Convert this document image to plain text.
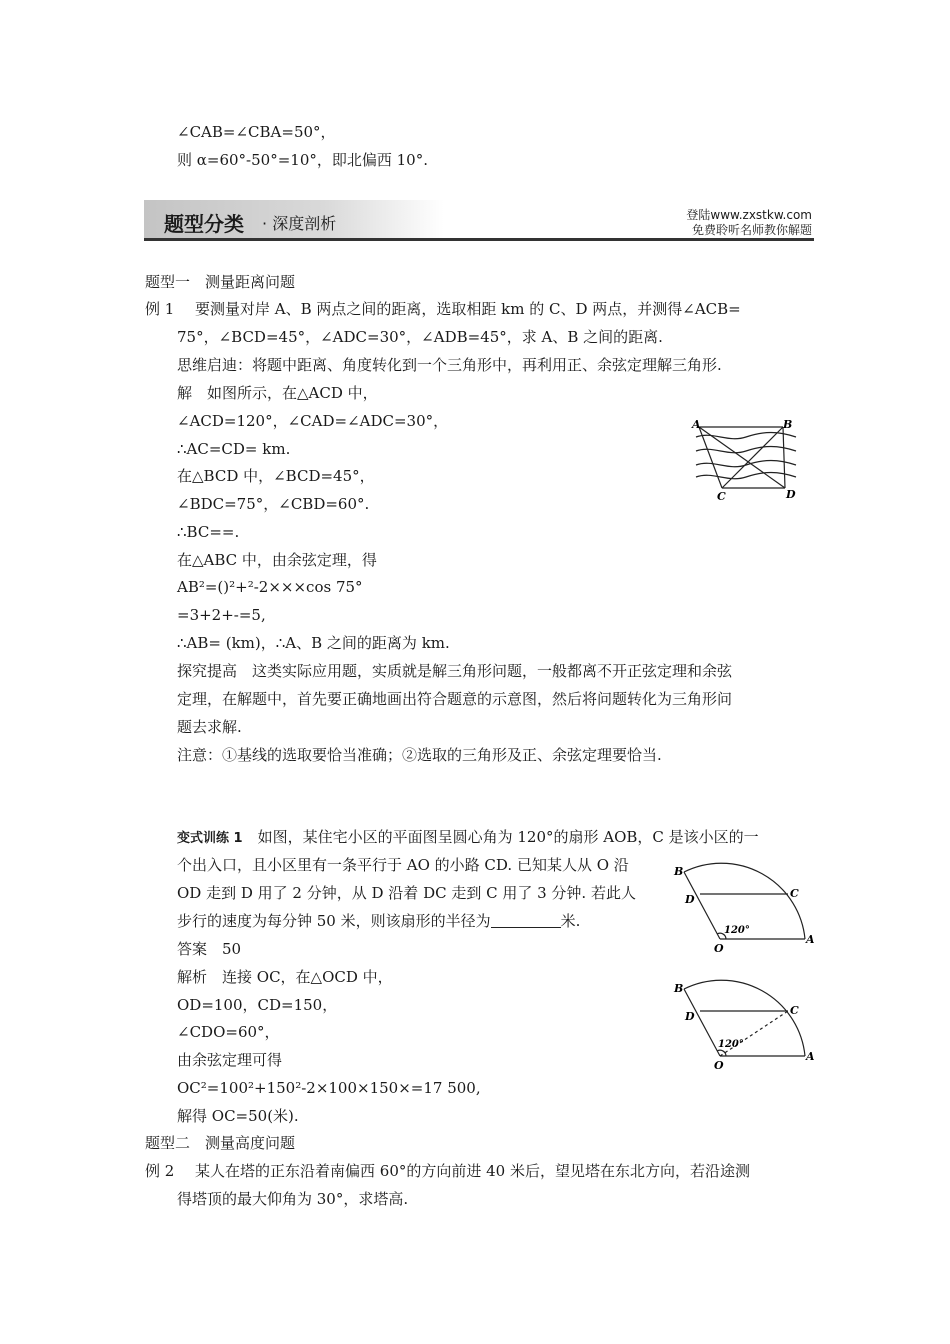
∠CAB=∠CBA=50°，
则 α=60°-50°=10°，即北偏西 10°.
题型分类 · 深度剖析	登陆www.zxstkw.com
免费聆听名师教你解题
题型一　测量距离问题
例 1 要测量对岸 A、B 两点之间的距离，选取相距 km 的 C、D 两点，并测得∠ACB=
75°，∠BCD=45°，∠ADC=30°，∠ADB=45°，求 A、B 之间的距离.
思维启迪：将题中距离、角度转化到一个三角形中，再利用正、余弦定理解三角形.
解　如图所示，在△ACD 中，
∠ACD=120°，∠CAD=∠ADC=30°，
∴AC=CD= km.
在△BCD 中，∠BCD=45°，
∠BDC=75°，∠CBD=60°.
∴BC==.
在△ABC 中，由余弦定理，得
AB²=()²+²-2×××cos 75°
=3+2+-=5,
∴AB= (km)，∴A、B 之间的距离为 km.
探究提高　这类实际应用题，实质就是解三角形问题，一般都离不开正弦定理和余弦
定理，在解题中，首先要正确地画出符合题意的示意图，然后将问题转化为三角形问
题去求解.
注意：①基线的选取要恰当准确；②选取的三角形及正、余弦定理要恰当.
A	B
C	D
变式训练 1　 如图，某住宅小区的平面图呈圆心角为 120°的扇形 AOB，C 是该小区的一
个出入口，且小区里有一条平行于 AO 的小路 CD. 已知某人从 O 沿
OD 走到 D 用了 2 分钟，从 D 沿着 DC 走到 C 用了 3 分钟. 若此人
步行的速度为每分钟 50 米，则该扇形的半径为	米.
答案　50
解析　连接 OC，在△OCD 中，
OD=100，CD=150，
∠CDO=60°，
由余弦定理可得
OC²=100²+150²-2×100×150×=17 500,
解得 OC=50(米).
B
C
D
O
A
120°
B
C
D
O
A
120°
题型二　测量高度问题
例 2 某人在塔的正东沿着南偏西 60°的方向前进 40 米后，望见塔在东北方向，若沿途测
得塔顶的最大仰角为 30°，求塔高.
